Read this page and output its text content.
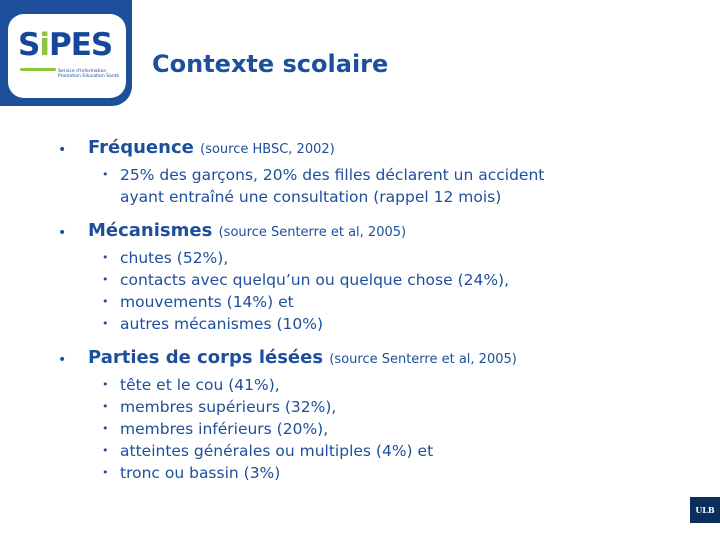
SiPES
Service d'Information Promotion Education Santé Contexte scolaire
• Fréquence (source HBSC, 2002)
• 25% des garçons, 20% des filles déclarent un accident
ayant entraîné une consultation (rappel 12 mois)
• Mécanismes (source Senterre et al, 2005)
• chutes (52%),
• contacts avec quelqu’un ou quelque chose (24%),
• mouvements (14%) et
• autres mécanismes (10%)
• Parties de corps lésées (source Senterre et al, 2005)
• tête et le cou (41%),
• membres supérieurs (32%),
• membres inférieurs (20%),
• atteintes générales ou multiples (4%) et
• tronc ou bassin (3%)
ULB
